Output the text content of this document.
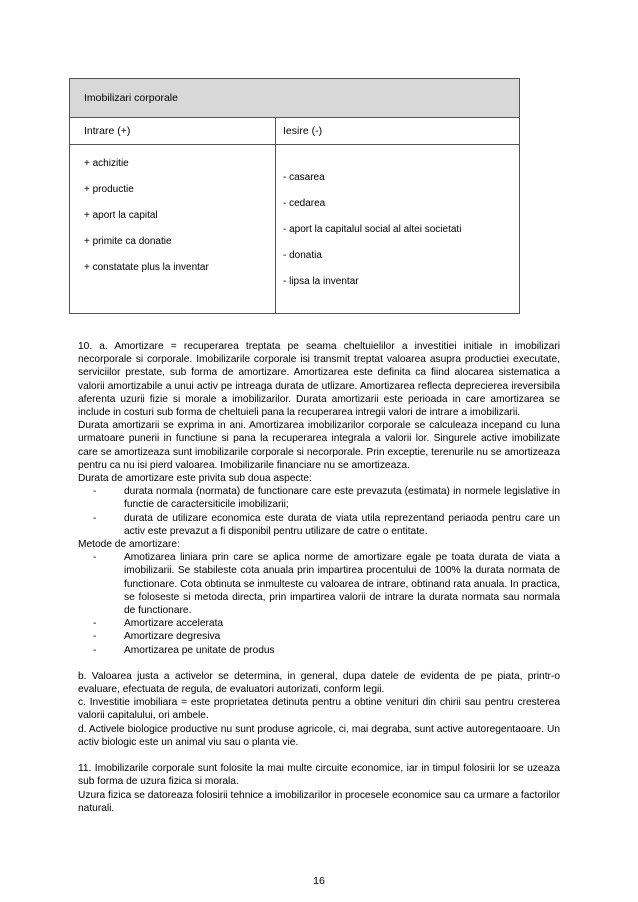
Imobilizari corporale
Intrare (+)	Iesire (-)
+ achizitie
+ productie
+ aport la capital
+ primite ca donatie
+ constatate plus la inventar
- casarea
- cedarea
- aport la capitalul social al altei societati
- donatia
- lipsa la inventar

10. a. Amortizare = recuperarea treptata pe seama cheltuielilor a investitiei initiale in imobilizari necorporale si corporale. Imobilizarile corporale isi transmit treptat valoarea asupra productiei executate, serviciilor prestate, sub forma de amortizare. Amortizarea este definita ca fiind alocarea sistematica a valorii amortizabile a unui activ pe intreaga durata de utlizare. Amortizarea reflecta deprecierea ireversibila aferenta uzurii fizie si morale a imobilizarilor. Durata amortizarii este perioada in care amortizarea se include in costuri sub forma de cheltuieli pana la recuperarea intregii valori de intrare a imobilizarii.

Durata amortizarii se exprima in ani. Amortizarea imobilizarilor corporale se calculeaza incepand cu luna urmatoare punerii in functiune si pana la recuperarea integrala a valorii lor. Singurele active imobilizate care se amortizeaza sunt imobilizarile corporale si necorporale. Prin exceptie, terenurile nu se amortizeaza pentru ca nu isi pierd valoarea. Imobilizarile financiare nu se amortizeaza.

Durata de amortizare este privita sub doua aspecte:

-	durata normala (normata) de functionare care este prevazuta (estimata) in normele legislative in functie de caractersiticile imobilizarii;
-	durata de utilizare economica este durata de viata utila reprezentand periaoda pentru care un activ este prevazut a fi disponibil pentru utilizare de catre o entitate.

Metode de amortizare:

-	Amotizarea liniara prin care se aplica norme de amortizare egale pe toata durata de viata a imobilizarii. Se stabileste cota anuala prin impartirea procentului de 100% la durata normata de functionare. Cota obtinuta se inmulteste cu valoarea de intrare, obtinand rata anuala. In practica, se foloseste si metoda directa, prin impartirea valorii de intrare la durata normata sau normala de functionare.
-	Amortizare accelerata
-	Amortizare degresiva
-	Amortizarea pe unitate de produs

b. Valoarea justa a activelor se determina, in general, dupa datele de evidenta de pe piata, printr-o evaluare, efectuata de regula, de evaluatori autorizati, conform legii.

c. Investitie imobiliara = este proprietatea detinuta pentru a obtine venituri din chirii sau pentru cresterea valorii capitalului, ori ambele.

d. Activele biologice productive nu sunt produse agricole, ci, mai degraba, sunt active autoregentaoare. Un activ biologic este un animal viu sau o planta vie.

11. Imobilizarile corporale sunt folosite la mai multe circuite economice, iar in timpul folosirii lor se uzeaza sub forma de uzura fizica si morala.

Uzura fizica se datoreaza folosirii tehnice a imobilizarilor in procesele economice sau ca urmare a factorilor naturali.

16
